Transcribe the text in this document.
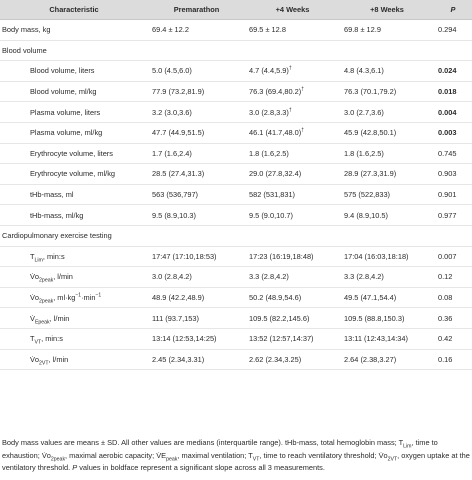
Characteristic	Premarathon	+4 Weeks	+8 Weeks	P
Body mass, kg	69.4 ± 12.2	69.5 ± 12.8	69.8 ± 12.9	0.294
Blood volume				
Blood volume, liters	5.0 (4.5,6.0)	4.7 (4.4,5.9)†	4.8 (4.3,6.1)	0.024
Blood volume, ml/kg	77.9 (73.2,81.9)	76.3 (69.4,80.2)†	76.3 (70.1,79.2)	0.018
Plasma volume, liters	3.2 (3.0,3.6)	3.0 (2.8,3.3)†	3.0 (2.7,3.6)	0.004
Plasma volume, ml/kg	47.7 (44.9,51.5)	46.1 (41.7,48.0)†	45.9 (42.8,50.1)	0.003
Erythrocyte volume, liters	1.7 (1.6,2.4)	1.8 (1.6,2.5)	1.8 (1.6,2.5)	0.745
Erythrocyte volume, ml/kg	28.5 (27.4,31.3)	29.0 (27.8,32.4)	28.9 (27.3,31.9)	0.903
tHb-mass, ml	563 (536,797)	582 (531,831)	575 (522,833)	0.901
tHb-mass, ml/kg	9.5 (8.9,10.3)	9.5 (9.0,10.7)	9.4 (8.9,10.5)	0.977
Cardiopulmonary exercise testing				
$T_{Lim}$, min:s	17:47 (17:10,18:53)	17:23 (16:19,18:48)	17:04 (16:03,18:18)	0.007
$V̇o_{2peak}$, l/min	3.0 (2.8,4.2)	3.3 (2.8,4.2)	3.3 (2.8,4.2)	0.12
$V̇o_{2peak}$, $ml\cdot kg^{-1}\cdot\min^{-1}$	48.9 (42.2,48.9)	50.2 (48.9,54.6)	49.5 (47.1,54.4)	0.08
$V̇_{Epeak}$, l/min	111 (93.7,153)	109.5 (82.2,145.6)	109.5 (88.8,150.3)	0.36
$T_{VT}$, min:s	13:14 (12:53,14:25)	13:52 (12:57,14:37)	13:11 (12:43,14:34)	0.42
$V̇o_{2VT}$, l/min	2.45 (2.34,3.31)	2.62 (2.34,3.25)	2.64 (2.38,3.27)	0.16
Body mass values are means ± SD. All other values are medians (interquartile range). tHb-mass, total hemoglobin mass; $T_{Lim}$, time to exhaustion; $V̇o_{2peak}$, maximal aerobic capacity; $V̇E_{peak}$, maximal ventilation; $T_{VT}$, time to reach ventilatory threshold; $V̇o_{2VT}$, oxygen uptake at the ventilatory threshold. P values in boldface represent a significant slope across all 3 measurements.
